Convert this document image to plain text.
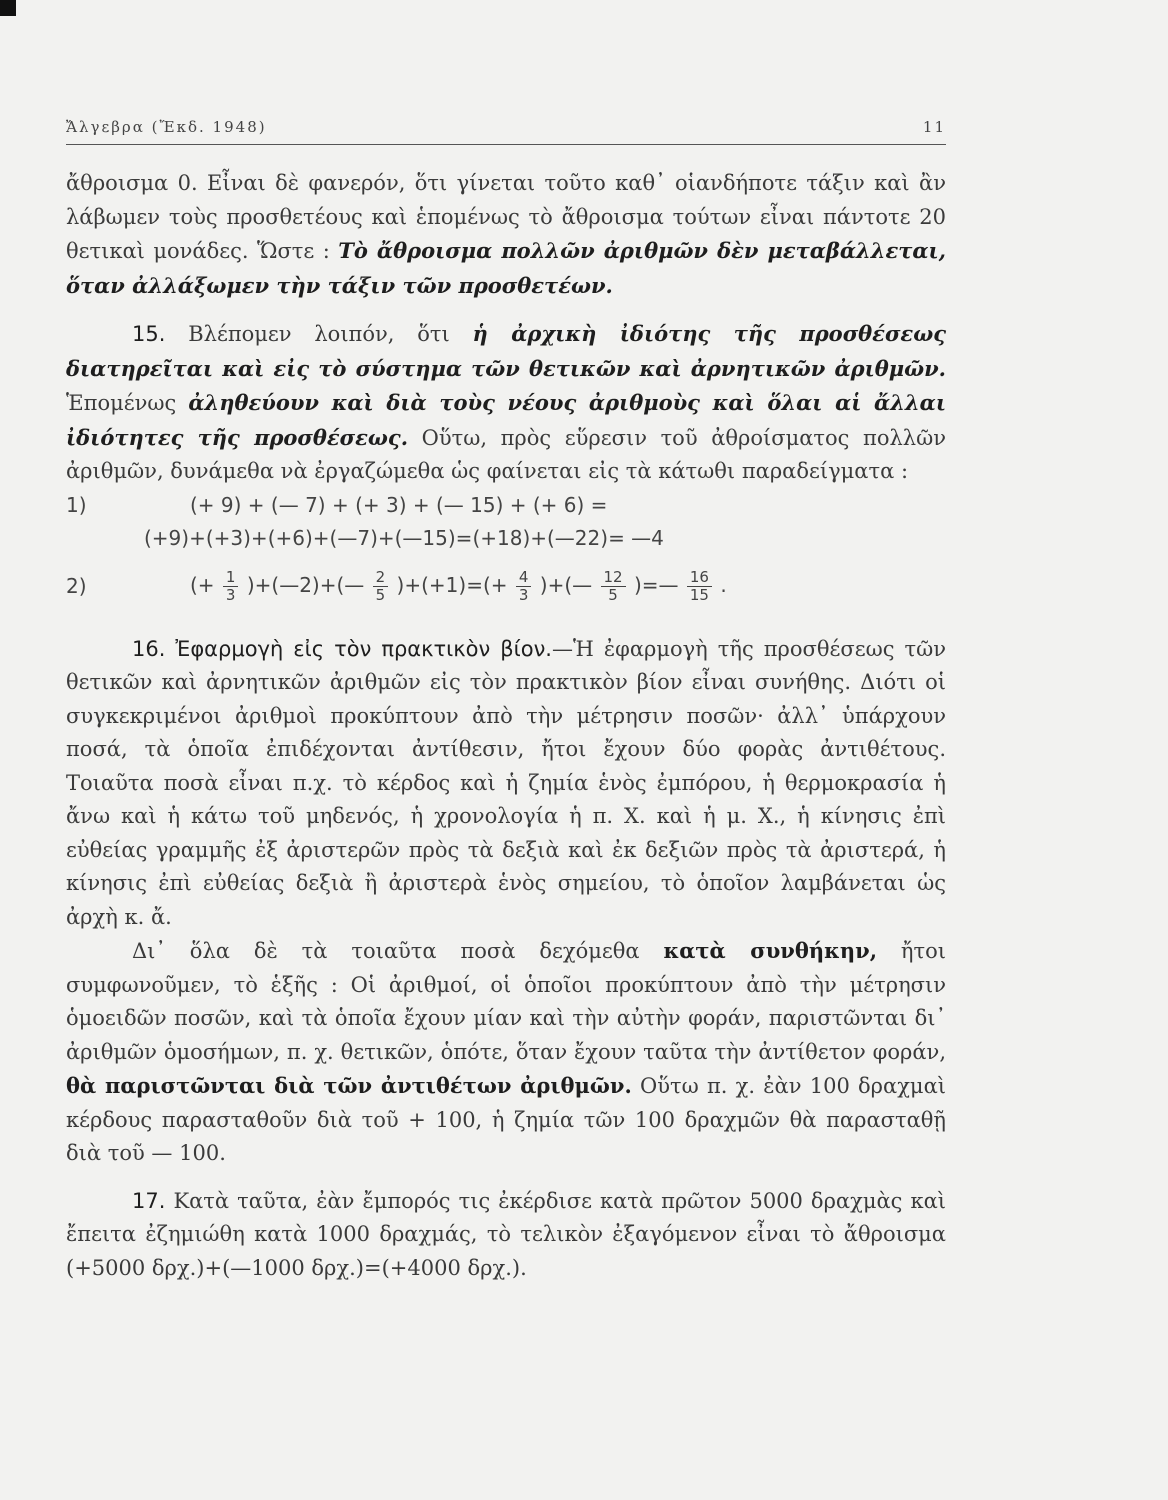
Ἄλγεβρα (Ἔκδ. 1948)	11

ἄθροισμα 0. Εἶναι δὲ φανερόν, ὅτι γίνεται τοῦτο καθ᾽ οἱανδήποτε τάξιν καὶ ἂν λάβωμεν τοὺς προσθετέους καὶ ἑπομένως τὸ ἄθροισμα τούτων εἶναι πάντοτε 20 θετικαὶ μονάδες. Ὥστε : Τὸ ἄθροισμα πολλῶν ἀριθμῶν δὲν μεταβάλλεται, ὅταν ἀλλάξωμεν τὴν τάξιν τῶν προσθετέων.

15. Βλέπομεν λοιπόν, ὅτι ἡ ἀρχικὴ ἰδιότης τῆς προσθέσεως διατηρεῖται καὶ εἰς τὸ σύστημα τῶν θετικῶν καὶ ἀρνητικῶν ἀριθμῶν. Ἑπομένως ἀληθεύουν καὶ διὰ τοὺς νέους ἀριθμοὺς καὶ ὅλαι αἱ ἄλλαι ἰδιότητες τῆς προσθέσεως. Οὕτω, πρὸς εὕρεσιν τοῦ ἀθροίσματος πολλῶν ἀριθμῶν, δυνάμεθα νὰ ἐργαζώμεθα ὡς φαίνεται εἰς τὰ κάτωθι παραδείγματα :

1)	(+ 9) + (— 7) + (+ 3) + (— 15) + (+ 6) =
(+9)+(+3)+(+6)+(—7)+(—15)=(+18)+(—22)= —4
2)	(+ $\frac{1}{3}$ )+(—2)+(— $\frac{2}{5} )+(+1)=(+ \frac{4}{3}$ )+(— $\frac{12}{5}$ )=— $\frac{16}{15}$ .

16. Ἐφαρμογὴ εἰς τὸν πρακτικὸν βίον.—Ἡ ἐφαρμογὴ τῆς προσθέσεως τῶν θετικῶν καὶ ἀρνητικῶν ἀριθμῶν εἰς τὸν πρακτικὸν βίον εἶναι συνήθης. Διότι οἱ συγκεκριμένοι ἀριθμοὶ προκύπτουν ἀπὸ τὴν μέτρησιν ποσῶν· ἀλλ᾽ ὑπάρχουν ποσά, τὰ ὁποῖα ἐπιδέχονται ἀντίθεσιν, ἤτοι ἔχουν δύο φορὰς ἀντιθέτους. Τοιαῦτα ποσὰ εἶναι π.χ. τὸ κέρδος καὶ ἡ ζημία ἑνὸς ἐμπόρου, ἡ θερμοκρασία ἡ ἄνω καὶ ἡ κάτω τοῦ μηδενός, ἡ χρονολογία ἡ π. Χ. καὶ ἡ μ. Χ., ἡ κίνησις ἐπὶ εὐθείας γραμμῆς ἐξ ἀριστερῶν πρὸς τὰ δεξιὰ καὶ ἐκ δεξιῶν πρὸς τὰ ἀριστερά, ἡ κίνησις ἐπὶ εὐθείας δεξιὰ ἢ ἀριστερὰ ἑνὸς σημείου, τὸ ὁποῖον λαμβάνεται ὡς ἀρχὴ κ. ἄ.

Δι᾽ ὅλα δὲ τὰ τοιαῦτα ποσὰ δεχόμεθα κατὰ συνθήκην, ἤτοι συμφωνοῦμεν, τὸ ἑξῆς : Οἱ ἀριθμοί, οἱ ὁποῖοι προκύπτουν ἀπὸ τὴν μέτρησιν ὁμοειδῶν ποσῶν, καὶ τὰ ὁποῖα ἔχουν μίαν καὶ τὴν αὐτὴν φοράν, παριστῶνται δι᾽ ἀριθμῶν ὁμοσήμων, π. χ. θετικῶν, ὁπότε, ὅταν ἔχουν ταῦτα τὴν ἀντίθετον φοράν, θὰ παριστῶνται διὰ τῶν ἀντιθέτων ἀριθμῶν. Οὕτω π. χ. ἐὰν 100 δραχμαὶ κέρδους παρασταθοῦν διὰ τοῦ + 100, ἡ ζημία τῶν 100 δραχμῶν θὰ παρασταθῇ διὰ τοῦ — 100.

17. Κατὰ ταῦτα, ἐὰν ἔμπορός τις ἐκέρδισε κατὰ πρῶτον 5000 δραχμὰς καὶ ἔπειτα ἐζημιώθη κατὰ 1000 δραχμάς, τὸ τελικὸν ἐξαγόμενον εἶναι τὸ ἄθροισμα (+5000 δρχ.)+(—1000 δρχ.)=(+4000 δρχ.).
